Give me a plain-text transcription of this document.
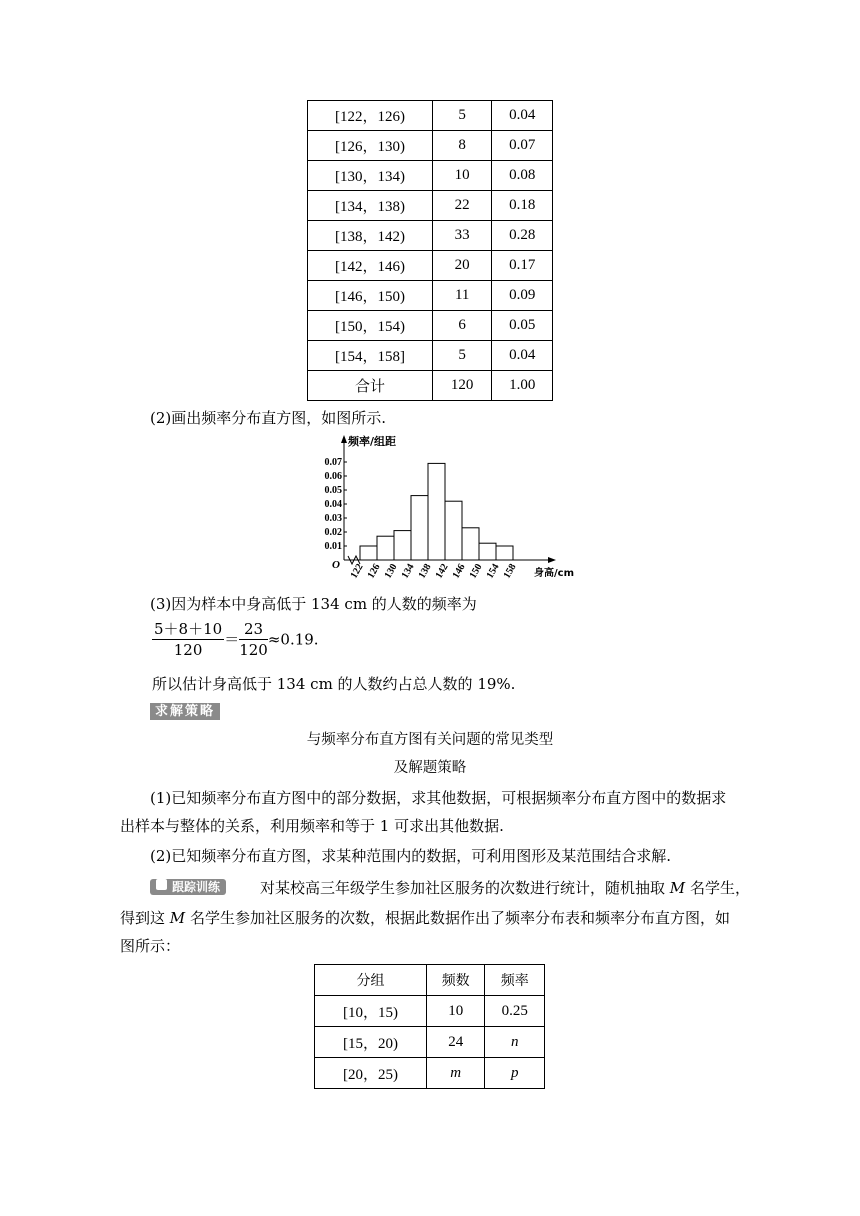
[122，126)	5	0.04
[126，130)	8	0.07
[130，134)	10	0.08
[134，138)	22	0.18
[138，142)	33	0.28
[142，146)	20	0.17
[146，150)	11	0.09
[150，154)	6	0.05
[154，158]	5	0.04
合计	120	1.00
(2)画出频率分布直方图，如图所示.
0.07
0.06
0.05
0.04
0.03
0.02
0.01
122 126 130 134 138 142 146 150 154 158
O
频率/组距
身高/cm
(3)因为样本中身高低于 134 cm 的人数的频率为
$\frac{5+8+10}{120} = \frac{23}{120} \approx 0.19$.
所以估计身高低于 134 cm 的人数约占总人数的 19%.
求解策略
与频率分布直方图有关问题的常见类型
及解题策略
(1)已知频率分布直方图中的部分数据，求其他数据，可根据频率分布直方图中的数据求
出样本与整体的关系，利用频率和等于 1 可求出其他数据.
(2)已知频率分布直方图，求某种范围内的数据，可利用图形及某范围结合求解.
跟踪训练	对某校高三年级学生参加社区服务的次数进行统计，随机抽取 M 名学生，
得到这 M 名学生参加社区服务的次数，根据此数据作出了频率分布表和频率分布直方图，如
图所示：
分组	频数	频率
[10，15)	10	0.25
[15，20)	24	n
[20，25)	m	p
